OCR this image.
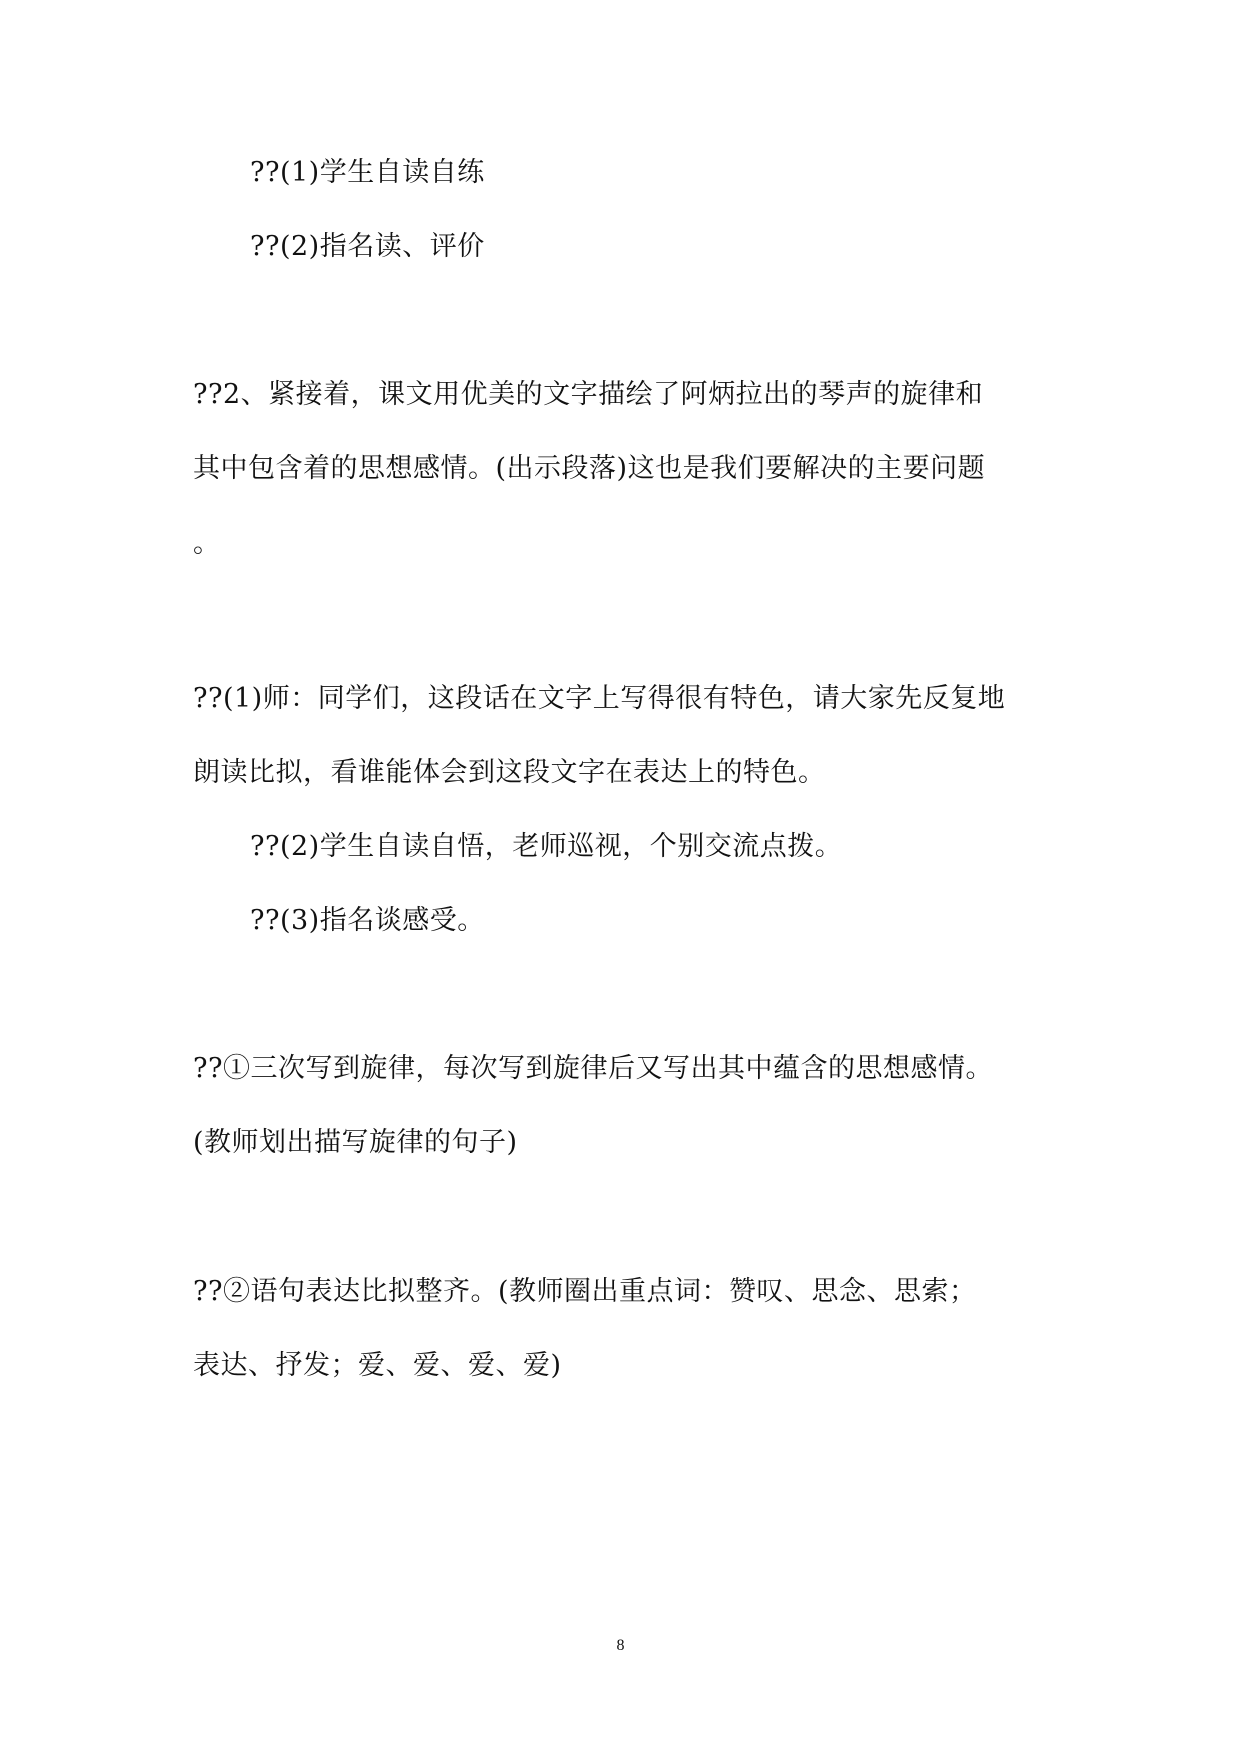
??(1)学生自读自练
??(2)指名读、评价
??2、紧接着，课文用优美的文字描绘了阿炳拉出的琴声的旋律和
其中包含着的思想感情。(出示段落)这也是我们要解决的主要问题
。
??(1)师：同学们，这段话在文字上写得很有特色，请大家先反复地
朗读比拟，看谁能体会到这段文字在表达上的特色。
??(2)学生自读自悟，老师巡视，个别交流点拨。
??(3)指名谈感受。
??①三次写到旋律，每次写到旋律后又写出其中蕴含的思想感情。
(教师划出描写旋律的句子)
??②语句表达比拟整齐。(教师圈出重点词：赞叹、思念、思索；
表达、抒发；爱、爱、爱、爱)
8
